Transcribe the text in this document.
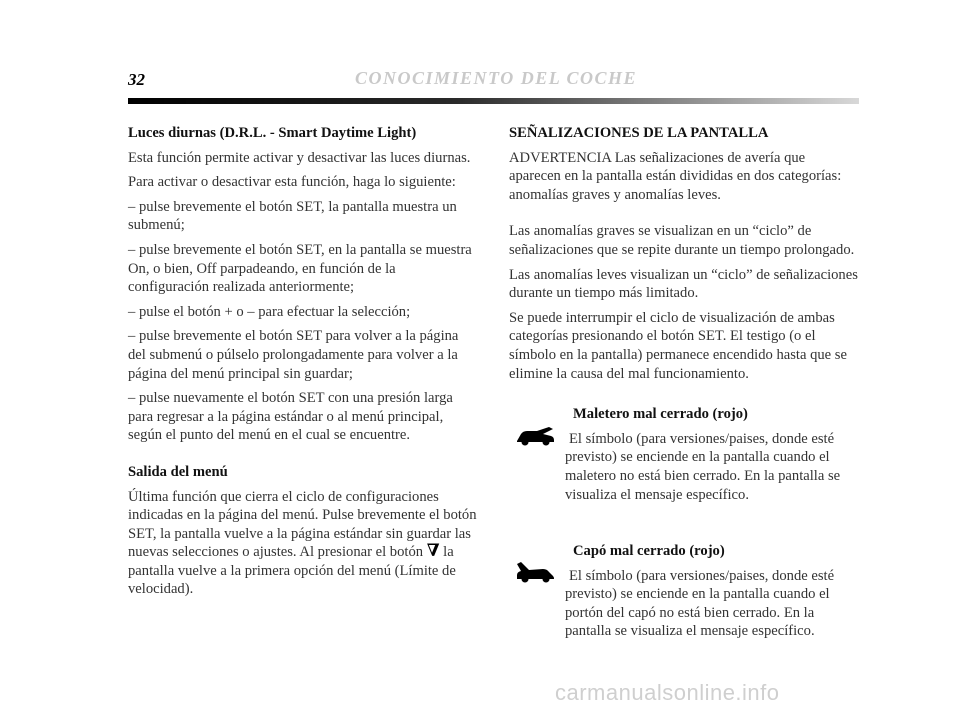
32	CONOCIMIENTO DEL COCHE

Luces diurnas (D.R.L. - Smart Daytime Light)

Esta función permite activar y desactivar las luces diurnas.

Para activar o desactivar esta función, haga lo siguiente:

– pulse brevemente el botón SET, la pantalla muestra un submenú;

– pulse brevemente el botón SET, en la pantalla se muestra On, o bien, Off parpadeando, en función de la configuración realizada anteriormente;

– pulse el botón + o – para efectuar la selección;

– pulse brevemente el botón SET para volver a la página del submenú o púlselo prolongadamente para volver a la página del menú principal sin guardar;

– pulse nuevamente el botón SET con una presión larga para regresar a la página estándar o al menú principal, según el punto del menú en el cual se encuentre.

Salida del menú

Última función que cierra el ciclo de configuraciones indicadas en la página del menú. Pulse brevemente el botón SET, la pantalla vuelve a la página estándar sin guardar las nuevas selecciones o ajustes. Al presionar el botón ∇ la pantalla vuelve a la primera opción del menú (Límite de velocidad).

SEÑALIZACIONES DE LA PANTALLA

ADVERTENCIA Las señalizaciones de avería que aparecen en la pantalla están divididas en dos categorías: anomalías graves y anomalías leves.

Las anomalías graves se visualizan en un “ciclo” de señalizaciones que se repite durante un tiempo prolongado.

Las anomalías leves visualizan un “ciclo” de señalizaciones durante un tiempo más limitado.

Se puede interrumpir el ciclo de visualización de ambas categorías presionando el botón SET. El testigo (o el símbolo en la pantalla) permanece encendido hasta que se elimine la causa del mal funcionamiento.

Maletero mal cerrado (rojo)

El símbolo (para versiones/paises, donde esté previsto) se enciende en la pantalla cuando el maletero no está bien cerrado. En la pantalla se visualiza el mensaje específico.

Capó mal cerrado (rojo)

El símbolo (para versiones/paises, donde esté previsto) se enciende en la pantalla cuando el portón del capó no está bien cerrado. En la pantalla se visualiza el mensaje específico.

carmanualsonline.info
